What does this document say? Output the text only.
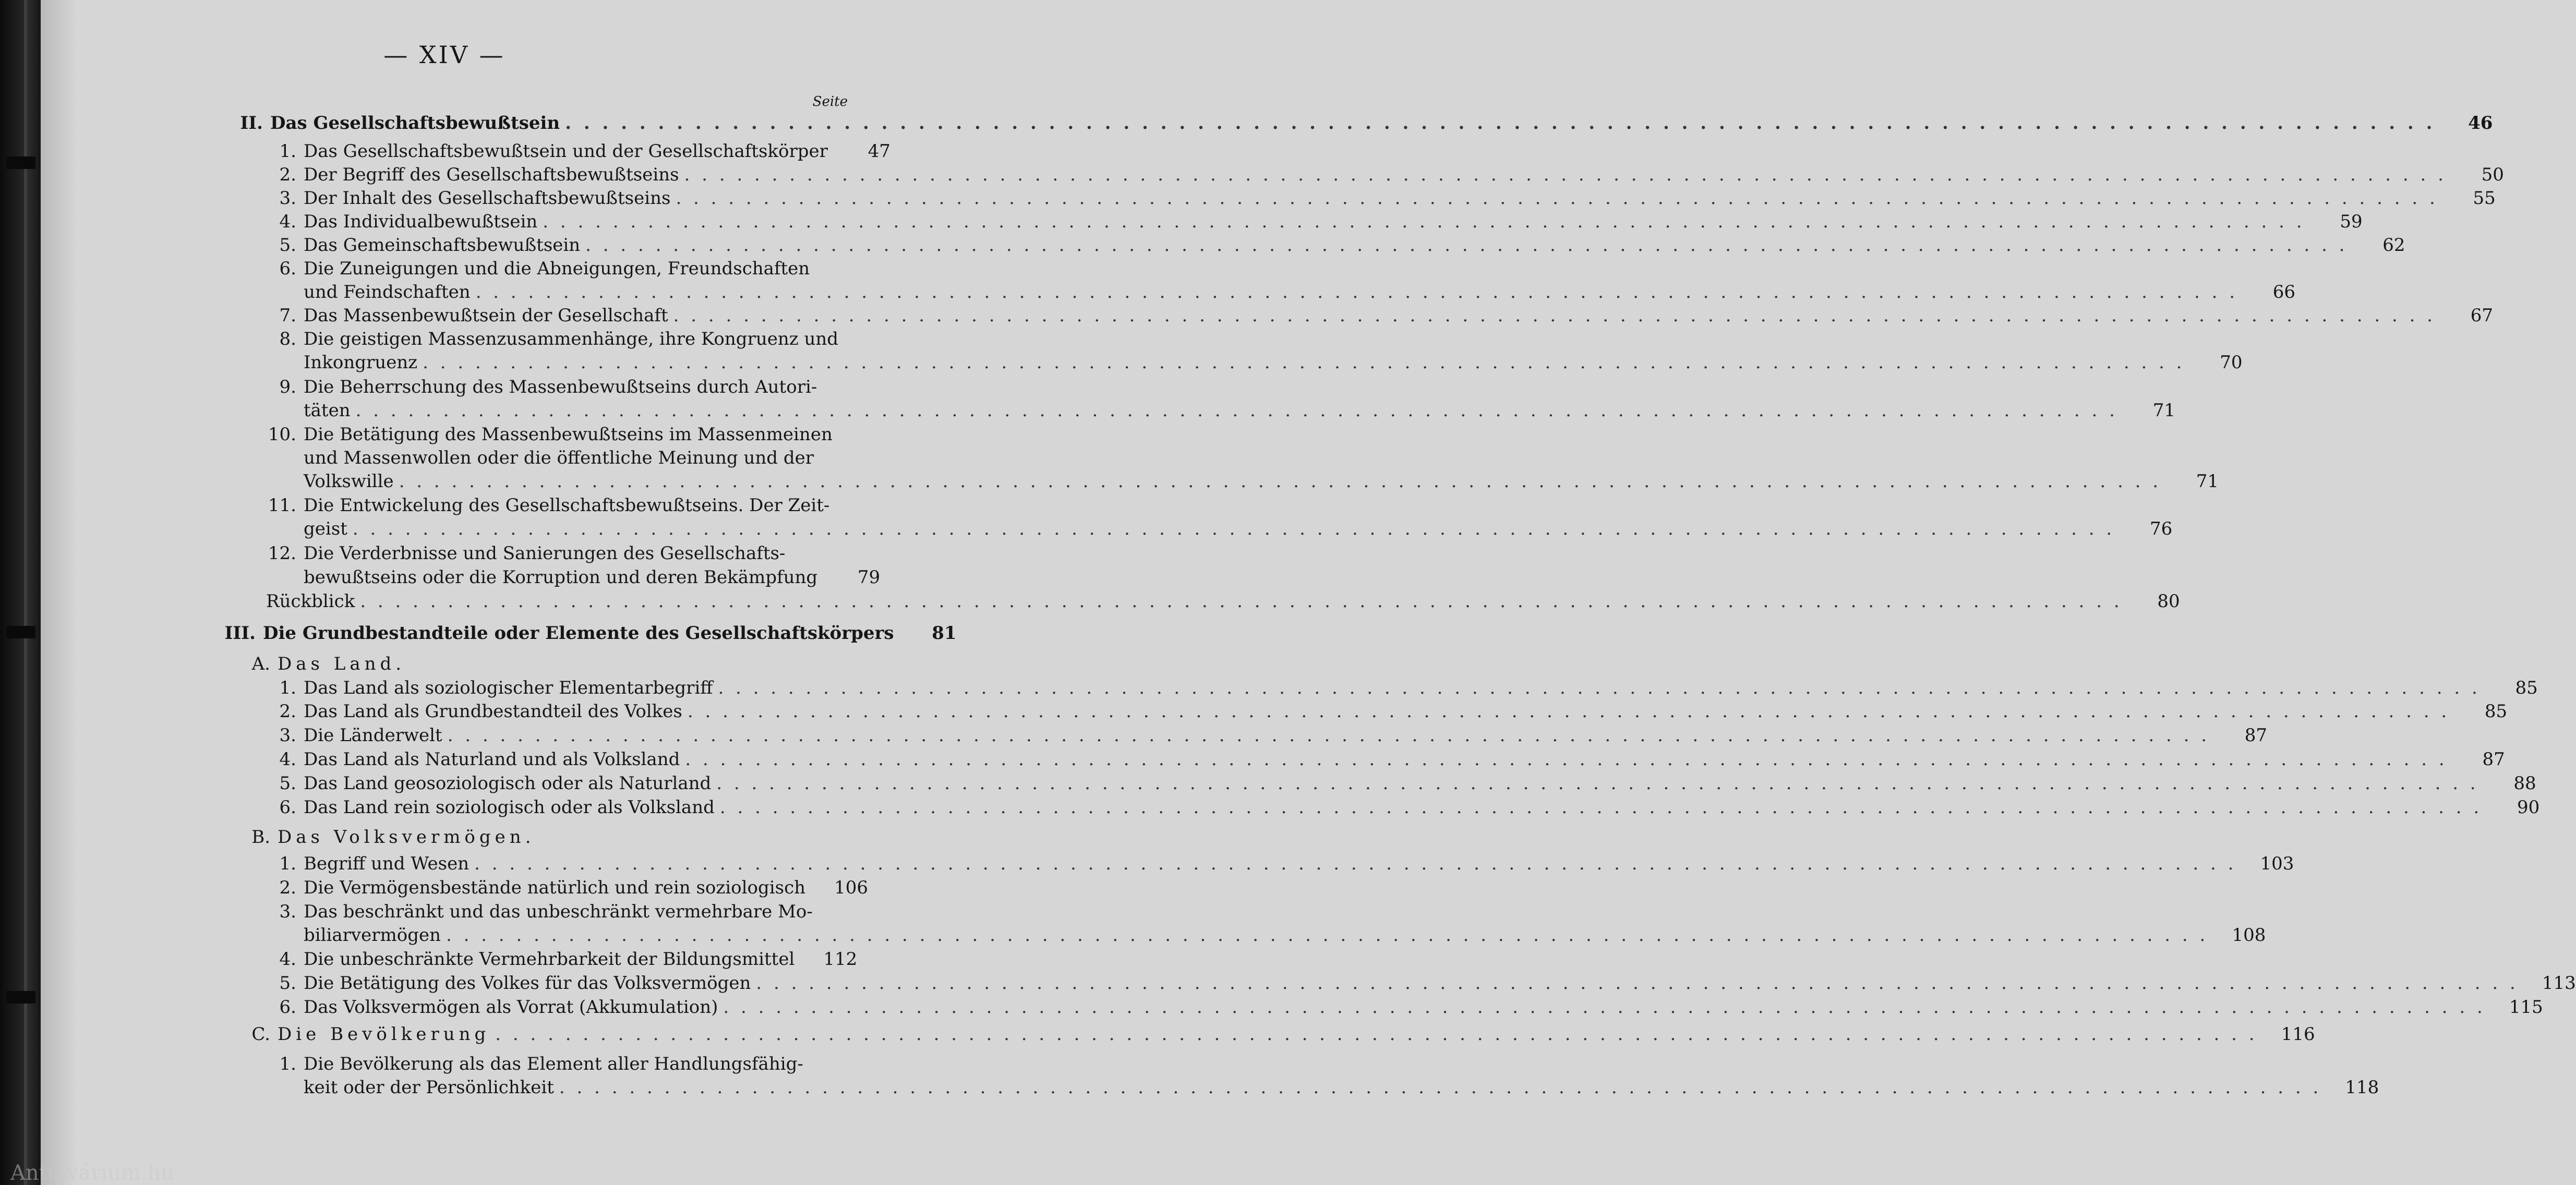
— XIV —
Seite
II. Das Gesellschaftsbewußtsein . . .	46
1. Das Gesellschaftsbewußtsein und der Gesellschaftskörper	47
2. Der Begriff des Gesellschaftsbewußtseins . . .	50
3. Der Inhalt des Gesellschaftsbewußtseins . . .	55
4. Das Individualbewußtsein . . .	59
5. Das Gemeinschaftsbewußtsein . . .	62
6. Die Zuneigungen und die Abneigungen, Freundschaften
und Feindschaften . . .	66
7. Das Massenbewußtsein der Gesellschaft . . .	67
8. Die geistigen Massenzusammenhänge, ihre Kongruenz und
Inkongruenz . . .	70
9. Die Beherrschung des Massenbewußtseins durch Autori-
täten . . .	71
10. Die Betätigung des Massenbewußtseins im Massenmeinen
und Massenwollen oder die öffentliche Meinung und der
Volkswille . . .	71
11. Die Entwickelung des Gesellschaftsbewußtseins. Der Zeit-
geist . . .	76
12. Die Verderbnisse und Sanierungen des Gesellschafts-
bewußtseins oder die Korruption und deren Bekämpfung	79
Rückblick . . .	80
III. Die Grundbestandteile oder Elemente des Gesellschaftskörpers	81
A. Das Land.
1. Das Land als soziologischer Elementarbegriff . . .	85
2. Das Land als Grundbestandteil des Volkes . . .	85
3. Die Länderwelt . . .	87
4. Das Land als Naturland und als Volksland . . .	87
5. Das Land geosoziologisch oder als Naturland . . .	88
6. Das Land rein soziologisch oder als Volksland . . .	90
B. Das Volksvermögen.
1. Begriff und Wesen . . .	103
2. Die Vermögensbestände natürlich und rein soziologisch	106
3. Das beschränkt und das unbeschränkt vermehrbare Mo-
biliarvermögen . . .	108
4. Die unbeschränkte Vermehrbarkeit der Bildungsmittel	112
5. Die Betätigung des Volkes für das Volksvermögen . . .	113
6. Das Volksvermögen als Vorrat (Akkumulation) . . .	115
C. Die Bevölkerung . . .	116
1. Die Bevölkerung als das Element aller Handlungsfähig-
keit oder der Persönlichkeit . . .	118
Antikvárium.hu
